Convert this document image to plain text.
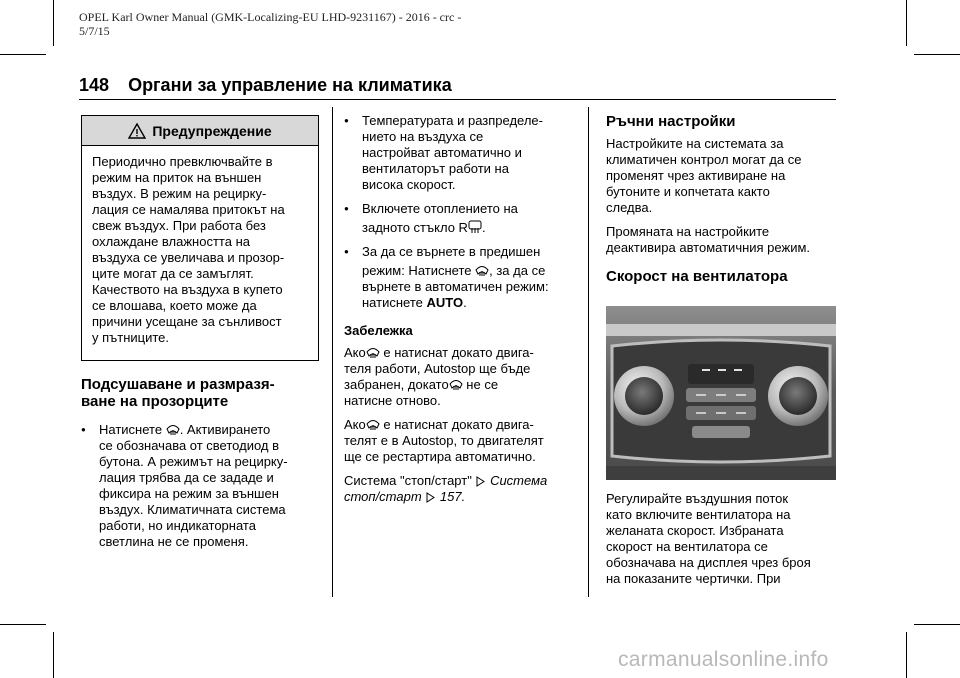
OPEL Karl Owner Manual (GMK-Localizing-EU LHD-9231167) - 2016 - crc -
5/7/15
148 Органи за управление на климатика
Предупреждение
Периодично превключвайте в
режим на приток на външен
въздух. В режим на рецирку‐
лация се намалява притокът на
свеж въздух. При работа без
охлаждане влажността на
въздуха се увеличава и прозор‐
ците могат да се замъглят.
Качеството на въздуха в купето
се влошава, което може да
причини усещане за сънливост
у пътниците.
Подсушаване и размразя‐
ване на прозорците
● Натиснете . Активирането
се обозначава от светодиод в
бутона. А режимът на рецирку‐
лация трябва да се зададе и
фиксира на режим за външен
въздух. Климатичната система
работи, но индикаторната
светлина не се променя.
● Температурата и разпределе‐
нието на въздуха се
настройват автоматично и
вентилаторът работи на
висока скорост.
● Включете отоплението на
задното стъкло R .
● За да се върнете в предишен
режим: Натиснете , за да се
върнете в автоматичен режим:
натиснете AUTO.
Забележка

Ако е натиснат докато двига‐
теля работи, Autostop ще бъде
забранен, докато не се
натисне отново.

Ако е натиснат докато двига‐
телят е в Autostop, то двигателят
ще се рестартира автоматично.

Система "стоп/старт"  Система
стоп/старт 157.

Ръчни настройки

Настройките на системата за
климатичен контрол могат да се
променят чрез активиране на
бутоните и копчетата както
следва.

Промяната на настройките
деактивира автоматичния режим.

Скорост на вентилатора
Регулирайте въздушния поток
като включите вентилатора на
желаната скорост. Избраната
скорост на вентилатора се
обозначава на дисплея чрез броя
на показаните чертички. При
carmanualsonline.info
